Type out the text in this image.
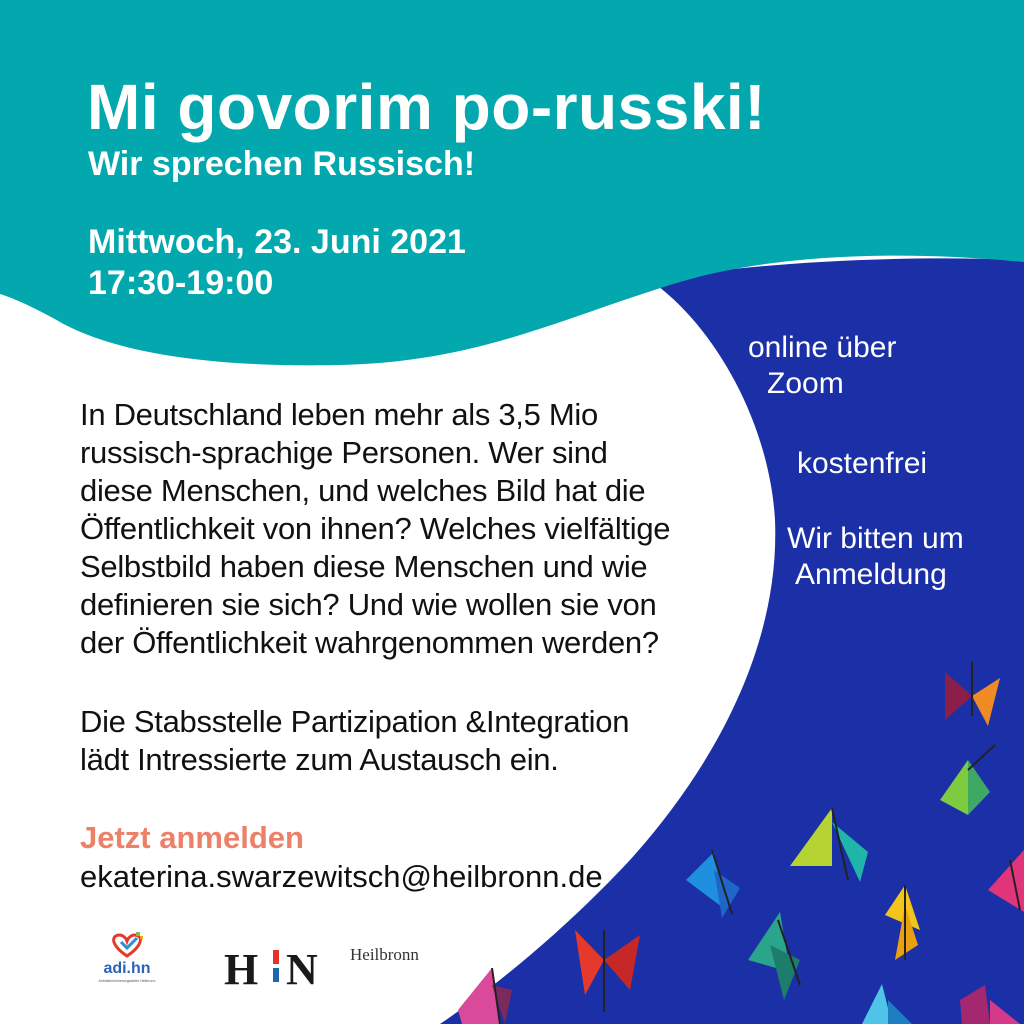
Mi govorim po-russki!
Wir sprechen Russisch!
Mittwoch, 23. Juni 2021
17:30-19:00
online über
Zoom
kostenfrei
Wir bitten um
Anmeldung
In Deutschland leben mehr als 3,5 Mio
russisch-sprachige Personen. Wer sind
diese Menschen, und welches Bild hat die
Öffentlichkeit von ihnen? Welches vielfältige
Selbstbild haben diese Menschen und wie
definieren sie sich? Und wie wollen sie von
der Öffentlichkeit wahrgenommen werden?
Die Stabsstelle Partizipation &Integration
lädt Intressierte zum Austausch ein.
Jetzt anmelden
ekaterina.swarzewitsch@heilbronn.de
adi.hn
Antidiskriminierungsstelle Heilbronn H N Heilbronn
